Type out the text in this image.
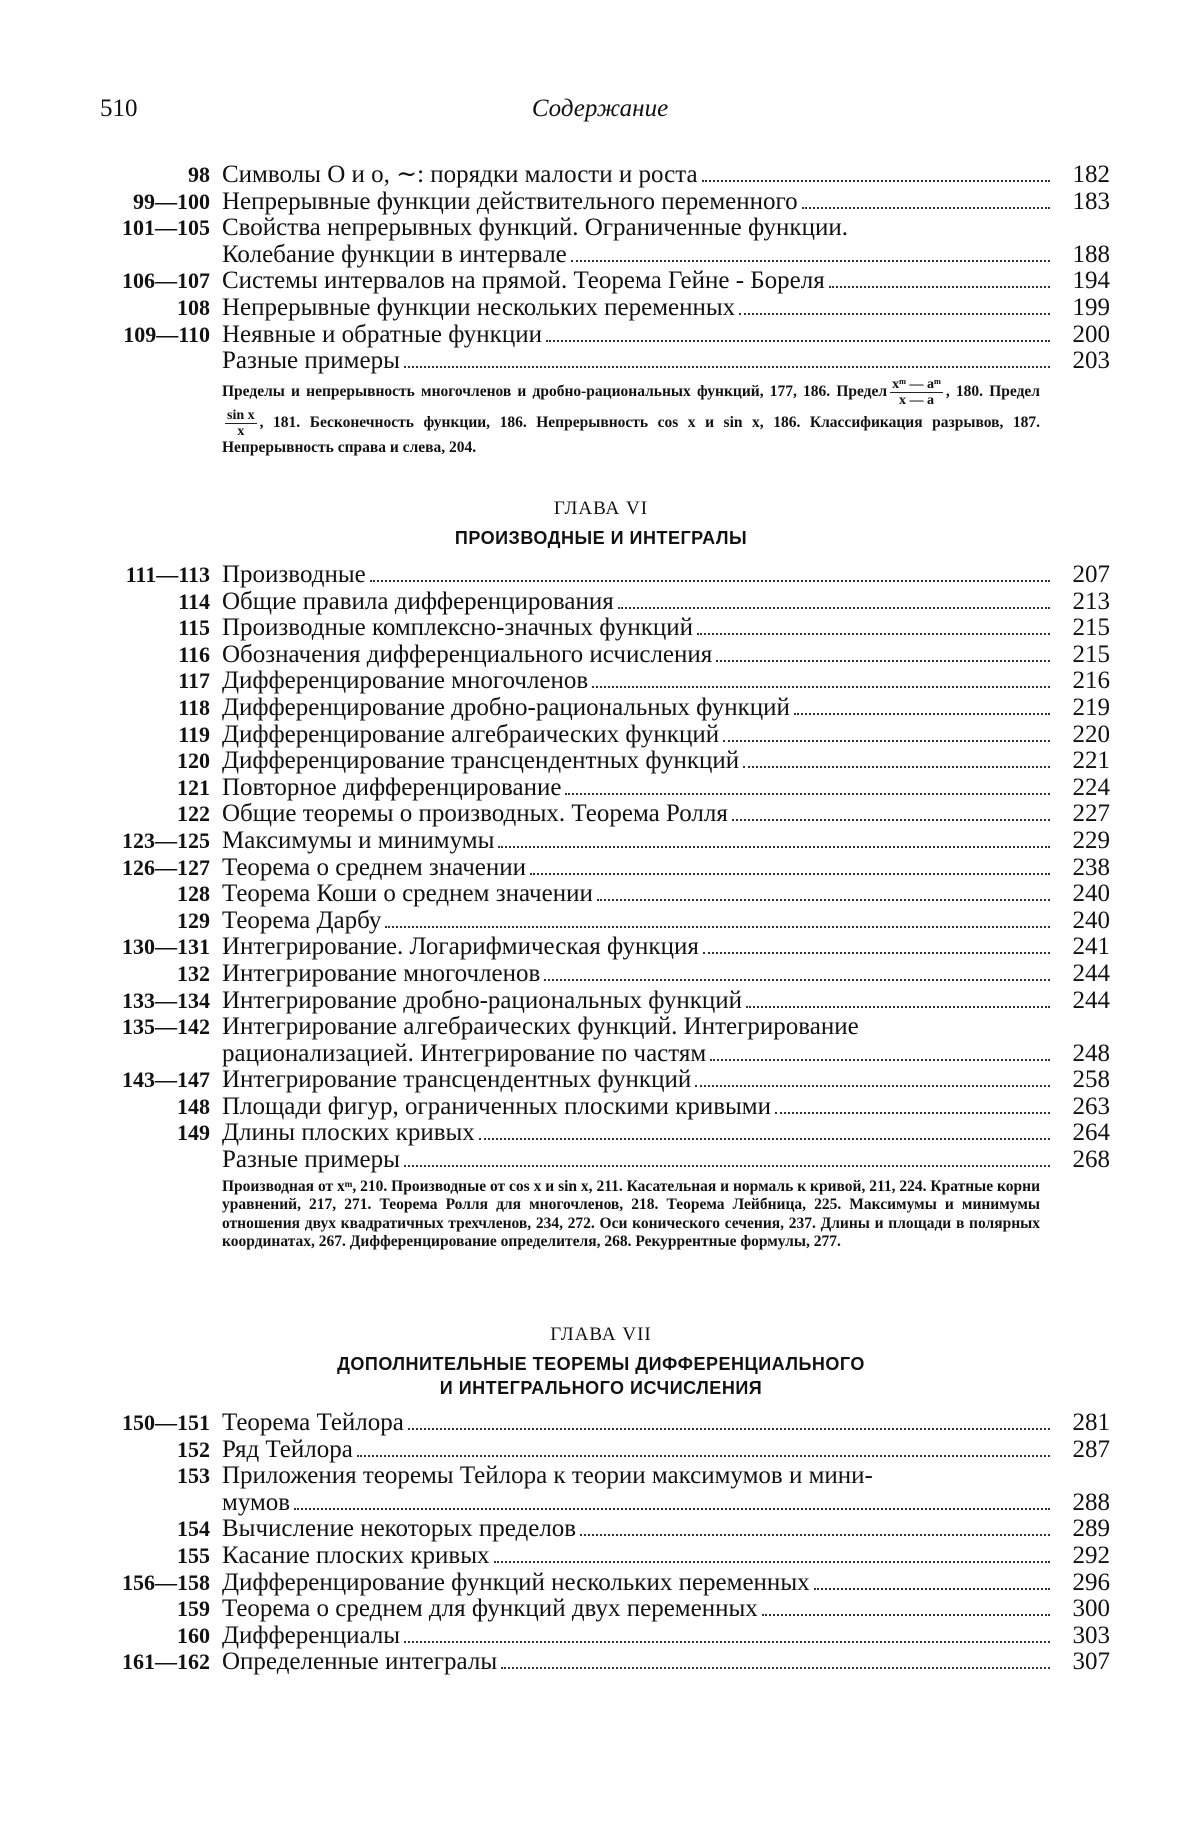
510	Содержание
98 Символы O и o, ∼: порядки малости и роста	182
99—100 Непрерывные функции действительного переменного	183
101—105 Свойства непрерывных функций. Ограниченные функции.
Колебание функции в интервале	188
106—107 Системы интервалов на прямой. Теорема Гейне - Бореля	194
108 Непрерывные функции нескольких переменных	199
109—110 Неявные и обратные функции	200
Разные примеры	203
Пределы и непрерывность многочленов и дробно-рациональных функций, 177, 186. Предел $\frac{\text{xᵐ — aᵐ}}{x — a}$ , 180. Предел
$\frac{\text{sin x}}{x}$ , 181. Бесконечность функции, 186. Непрерывность cos x и sin x, 186. Классификация разрывов, 187. Непрерывность справа и слева, 204.
ГЛАВА VI
ПРОИЗВОДНЫЕ И ИНТЕГРАЛЫ
111—113 Производные	207
114 Общие правила дифференцирования	213
115 Производные комплексно-значных функций	215
116 Обозначения дифференциального исчисления	215
117 Дифференцирование многочленов	216
118 Дифференцирование дробно-рациональных функций	219
119 Дифференцирование алгебраических функций	220
120 Дифференцирование трансцендентных функций	221
121 Повторное дифференцирование	224
122 Общие теоремы о производных. Теорема Ролля	227
123—125 Максимумы и минимумы	229
126—127 Теорема о среднем значении	238
128 Теорема Коши о среднем значении	240
129 Теорема Дарбу	240
130—131 Интегрирование. Логарифмическая функция	241
132 Интегрирование многочленов	244
133—134 Интегрирование дробно-рациональных функций	244
135—142 Интегрирование алгебраических функций. Интегрирование
рационализацией. Интегрирование по частям	248
143—147 Интегрирование трансцендентных функций	258
148 Площади фигур, ограниченных плоскими кривыми	263
149 Длины плоских кривых	264
Разные примеры	268
Производная от xᵐ, 210. Производные от cos x и sin x, 211. Касательная и нормаль к кривой, 211, 224. Кратные корни уравнений, 217, 271. Теорема Ролля для многочленов, 218. Теорема Лейбница, 225. Максимумы и минимумы отношения двух квадратичных трехчленов, 234, 272. Оси конического сечения, 237. Длины и площади в полярных координатах, 267. Дифференцирование определителя, 268. Рекуррентные формулы, 277.
ГЛАВА VII
ДОПОЛНИТЕЛЬНЫЕ ТЕОРЕМЫ ДИФФЕРЕНЦИАЛЬНОГО
И ИНТЕГРАЛЬНОГО ИСЧИСЛЕНИЯ
150—151 Теорема Тейлора	281
152 Ряд Тейлора	287
153 Приложения теоремы Тейлора к теории максимумов и мини-
мумов	288
154 Вычисление некоторых пределов	289
155 Касание плоских кривых	292
156—158 Дифференцирование функций нескольких переменных	296
159 Теорема о среднем для функций двух переменных	300
160 Дифференциалы	303
161—162 Определенные интегралы	307
